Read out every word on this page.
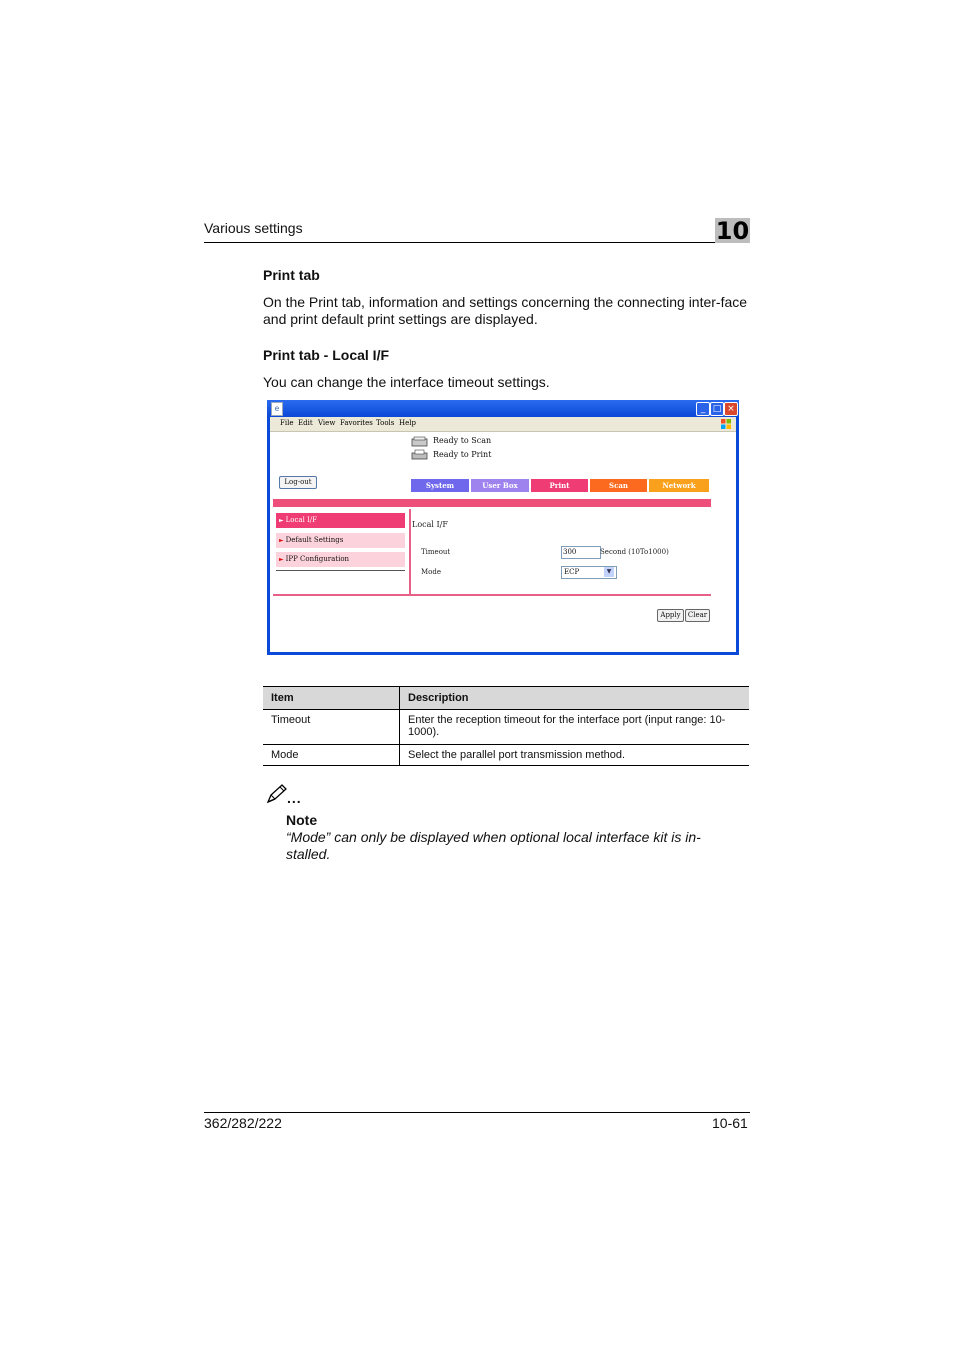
Various settings	10
Print tab
On the Print tab, information and settings concerning the connecting inter-face and print default print settings are displayed.
Print tab - Local I/F
You can change the interface timeout settings.
e	_ □ ×
File Edit View Favorites Tools Help
Ready to Scan
Ready to Print
Log-out	System	User Box	Print	Scan	Network
► Local I/F
► Default Settings
► IPP Configuration
Local I/F
Timeout	300	Second (10To1000)
Mode	ECP	▼
Apply	Clear
Item	Description
Timeout	Enter the reception timeout for the interface port (input range: 10-1000).
Mode	Select the parallel port transmission method.
...
Note
“Mode” can only be displayed when optional local interface kit is in-stalled.
362/282/222	10-61
